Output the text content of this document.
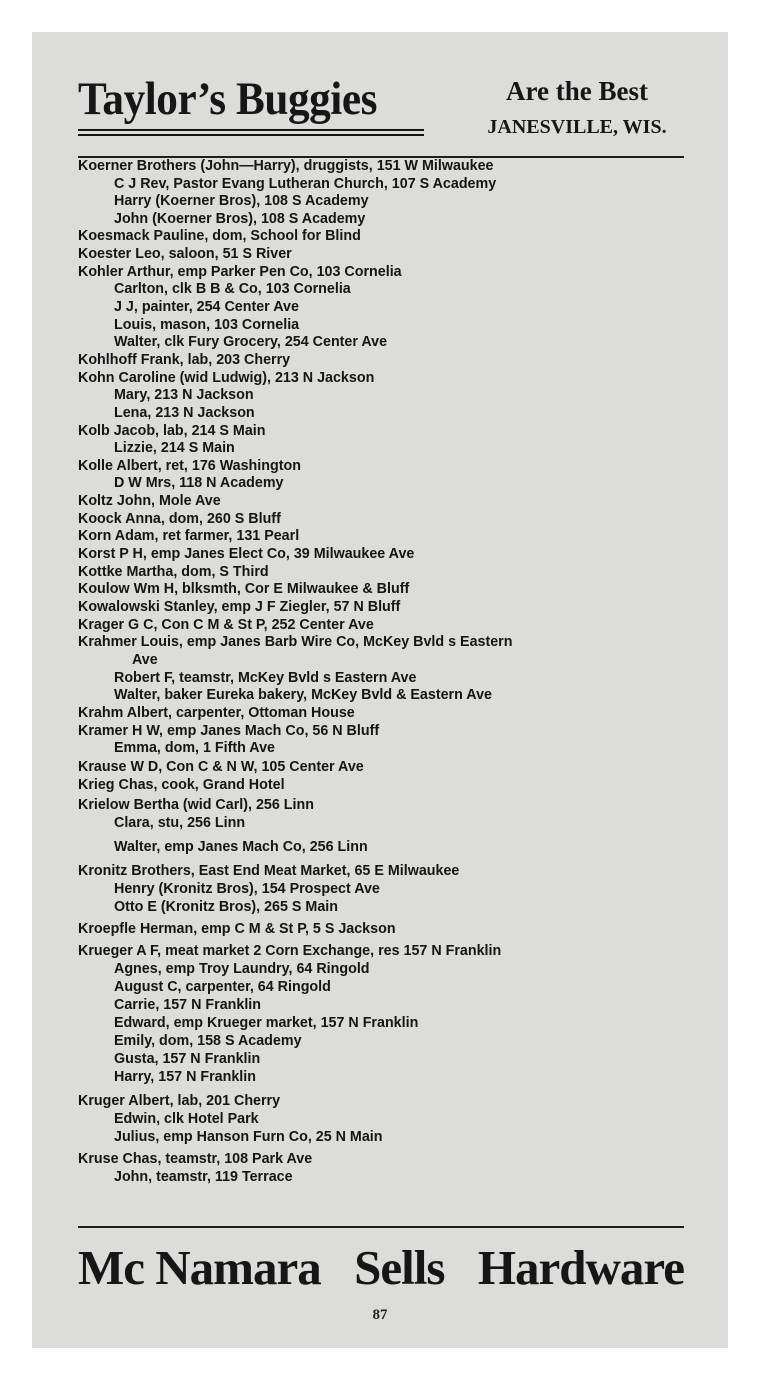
Taylor’s Buggies	Are the Best
JANESVILLE, WIS.
Koerner Brothers (John—Harry), druggists, 151 W Milwaukee
C J Rev, Pastor Evang Lutheran Church, 107 S Academy
Harry (Koerner Bros), 108 S Academy
John (Koerner Bros), 108 S Academy
Koesmack Pauline, dom, School for Blind
Koester Leo, saloon, 51 S River
Kohler Arthur, emp Parker Pen Co, 103 Cornelia
Carlton, clk B B & Co, 103 Cornelia
J J, painter, 254 Center Ave
Louis, mason, 103 Cornelia
Walter, clk Fury Grocery, 254 Center Ave
Kohlhoff Frank, lab, 203 Cherry
Kohn Caroline (wid Ludwig), 213 N Jackson
Mary, 213 N Jackson
Lena, 213 N Jackson
Kolb Jacob, lab, 214 S Main
Lizzie, 214 S Main
Kolle Albert, ret, 176 Washington
D W Mrs, 118 N Academy
Koltz John, Mole Ave
Koock Anna, dom, 260 S Bluff
Korn Adam, ret farmer, 131 Pearl
Korst P H, emp Janes Elect Co, 39 Milwaukee Ave
Kottke Martha, dom, S Third
Koulow Wm H, blksmth, Cor E Milwaukee & Bluff
Kowalowski Stanley, emp J F Ziegler, 57 N Bluff
Krager G C, Con C M & St P, 252 Center Ave
Krahmer Louis, emp Janes Barb Wire Co, McKey Bvld s Eastern
Ave
Robert F, teamstr, McKey Bvld s Eastern Ave
Walter, baker Eureka bakery, McKey Bvld & Eastern Ave
Krahm Albert, carpenter, Ottoman House
Kramer H W, emp Janes Mach Co, 56 N Bluff
Emma, dom, 1 Fifth Ave
Krause W D, Con C & N W, 105 Center Ave
Krieg Chas, cook, Grand Hotel
Krielow Bertha (wid Carl), 256 Linn
Clara, stu, 256 Linn
Walter, emp Janes Mach Co, 256 Linn
Kronitz Brothers, East End Meat Market, 65 E Milwaukee
Henry (Kronitz Bros), 154 Prospect Ave
Otto E (Kronitz Bros), 265 S Main
Kroepfle Herman, emp C M & St P, 5 S Jackson
Krueger A F, meat market 2 Corn Exchange, res 157 N Franklin
Agnes, emp Troy Laundry, 64 Ringold
August C, carpenter, 64 Ringold
Carrie, 157 N Franklin
Edward, emp Krueger market, 157 N Franklin
Emily, dom, 158 S Academy
Gusta, 157 N Franklin
Harry, 157 N Franklin
Kruger Albert, lab, 201 Cherry
Edwin, clk Hotel Park
Julius, emp Hanson Furn Co, 25 N Main
Kruse Chas, teamstr, 108 Park Ave
John, teamstr, 119 Terrace
Mc Namara Sells Hardware
87
